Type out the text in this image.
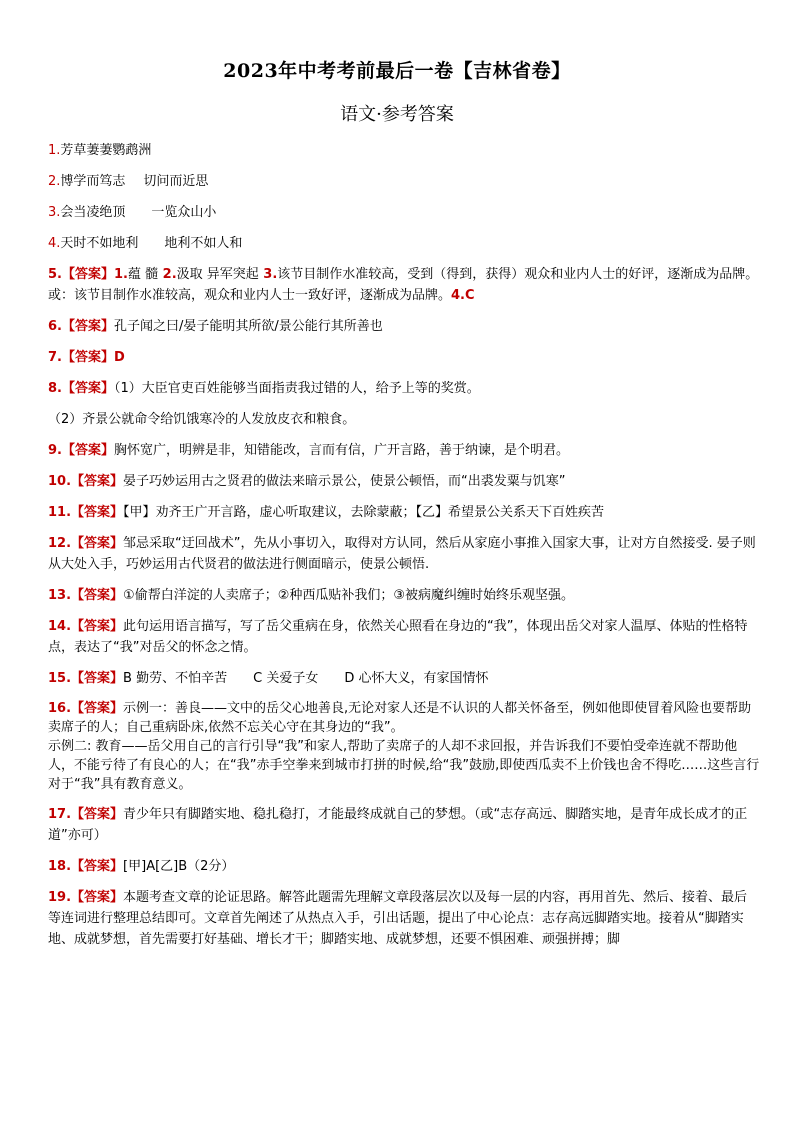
2023年中考考前最后一卷【吉林省卷】
语文·参考答案
1.芳草萋萋鹦鹉洲
2.博学而笃志 切问而近思
3.会当凌绝顶 一览众山小
4.天时不如地利 地利不如人和
5.【答案】1.蕴 髓 2.汲取 异军突起 3.该节目制作水准较高，受到（得到，获得）观众和业内人士的好评，逐渐成为品牌。或：该节目制作水准较高，观众和业内人士一致好评，逐渐成为品牌。4.C
6.【答案】孔子闻之曰/晏子能明其所欲/景公能行其所善也
7.【答案】D
8.【答案】（1）大臣官吏百姓能够当面指责我过错的人，给予上等的奖赏。
（2）齐景公就命令给饥饿寒冷的人发放皮衣和粮食。
9.【答案】胸怀宽广，明辨是非，知错能改，言而有信，广开言路，善于纳谏，是个明君。
10.【答案】晏子巧妙运用古之贤君的做法来暗示景公，使景公顿悟，而“出裘发粟与饥寒”
11.【答案】【甲】劝齐王广开言路，虚心听取建议，去除蒙蔽；【乙】希望景公关系天下百姓疾苦
12.【答案】邹忌采取“迂回战术”，先从小事切入，取得对方认同，然后从家庭小事推入国家大事，让对方自然接受. 晏子则从大处入手，巧妙运用古代贤君的做法进行侧面暗示，使景公顿悟.
13.【答案】①偷帮白洋淀的人卖席子；②种西瓜贴补我们；③被病魔纠缠时始终乐观坚强。
14.【答案】此句运用语言描写，写了岳父重病在身，依然关心照看在身边的“我”，体现出岳父对家人温厚、体贴的性格特点，表达了“我”对岳父的怀念之情。
15.【答案】B 勤劳、不怕辛苦 C 关爱子女 D 心怀大义，有家国情怀
16.【答案】示例一：善良——文中的岳父心地善良,无论对家人还是不认识的人都关怀备至，例如他即使冒着风险也要帮助卖席子的人；自己重病卧床,依然不忘关心守在其身边的“我”。
示例二: 教育——岳父用自己的言行引导“我”和家人,帮助了卖席子的人却不求回报，并告诉我们不要怕受牵连就不帮助他人，不能亏待了有良心的人；在“我”赤手空拳来到城市打拼的时候,给“我”鼓励,即使西瓜卖不上价钱也舍不得吃……这些言行对于“我”具有教育意义。
17.【答案】青少年只有脚踏实地、稳扎稳打，才能最终成就自己的梦想。（或“志存高远、脚踏实地，是青年成长成才的正道”亦可）
18.【答案】[甲]A[乙]B（2分）
19.【答案】本题考查文章的论证思路。解答此题需先理解文章段落层次以及每一层的内容，再用首先、然后、接着、最后等连词进行整理总结即可。文章首先阐述了从热点入手，引出话题，提出了中心论点：志存高远脚踏实地。接着从“脚踏实地、成就梦想，首先需要打好基础、增长才干；脚踏实地、成就梦想，还要不惧困难、顽强拼搏；脚
